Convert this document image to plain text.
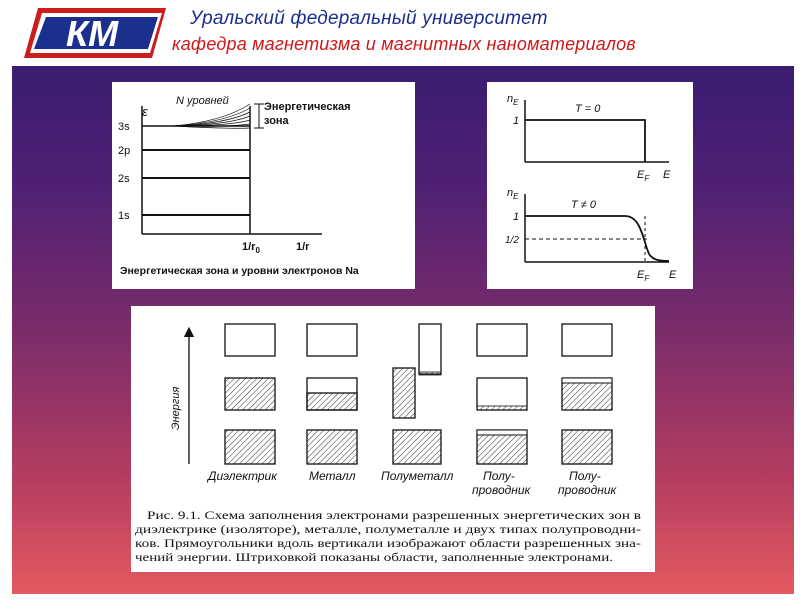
КМ	Уральский федеральный университет
кафедра магнетизма и магнитных наноматериалов
ε
3s
2p
2s
1s
N уровней	Энергетическая
зона
$1/r_0$	1/r
Энергетическая зона и уровни электронов Na
$n_E$
1
T = 0
$E_F$ E
$n_E$
1
1/2
T ≠ 0
$E_F$ E
Энергия
Диэлектрик	Металл Полуметалл Полу-
проводник
Полу-
проводник
Рис. 9.1. Схема заполнения электронами разрешенных энергетических зон в
диэлектрике (изоляторе), металле, полуметалле и двух типах полупроводни-
ков. Прямоугольники вдоль вертикали изображают области разрешенных зна-
чений энергии. Штриховкой показаны области, заполненные электронами.
